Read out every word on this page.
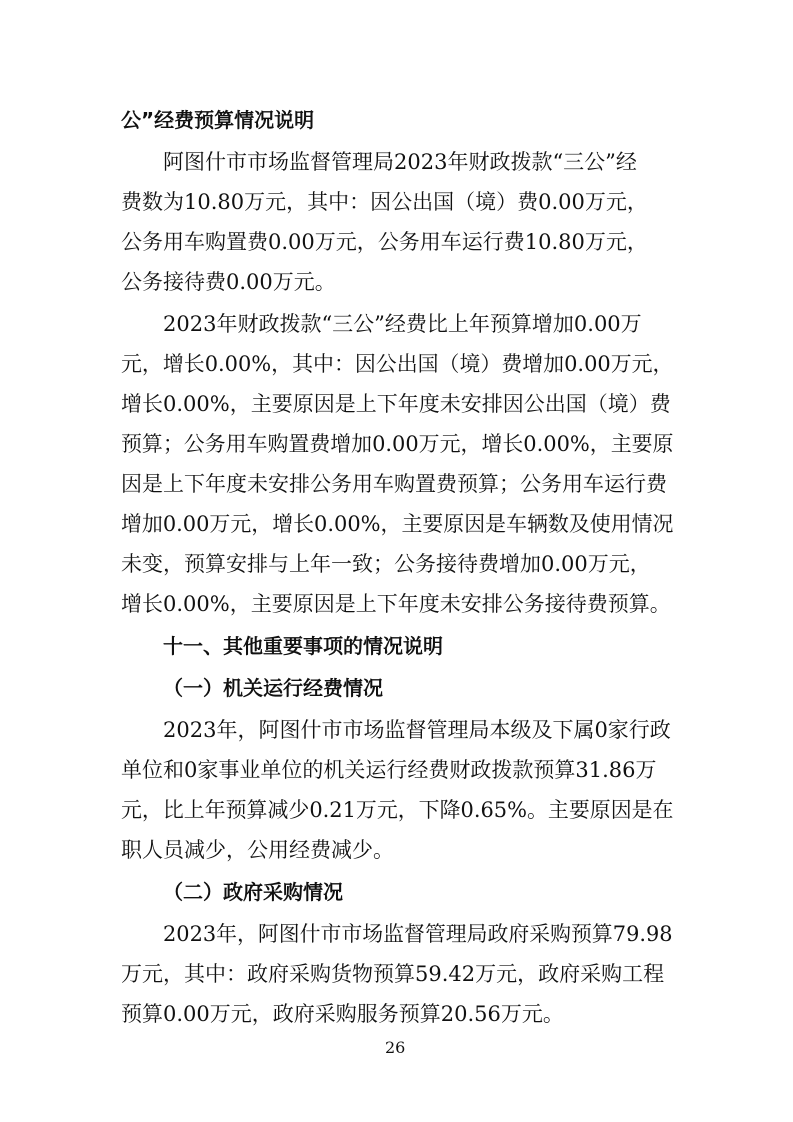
公”经费预算情况说明
阿图什市市场监督管理局2023年财政拨款“三公”经
费数为10.80万元，其中：因公出国（境）费0.00万元，
公务用车购置费0.00万元，公务用车运行费10.80万元，
公务接待费0.00万元。
2023年财政拨款“三公”经费比上年预算增加0.00万
元，增长0.00%，其中：因公出国（境）费增加0.00万元，
增长0.00%，主要原因是上下年度未安排因公出国（境）费
预算；公务用车购置费增加0.00万元，增长0.00%，主要原
因是上下年度未安排公务用车购置费预算；公务用车运行费
增加0.00万元，增长0.00%，主要原因是车辆数及使用情况
未变，预算安排与上年一致；公务接待费增加0.00万元，
增长0.00%，主要原因是上下年度未安排公务接待费预算。
十一、其他重要事项的情况说明
（一）机关运行经费情况
2023年，阿图什市市场监督管理局本级及下属0家行政
单位和0家事业单位的机关运行经费财政拨款预算31.86万
元，比上年预算减少0.21万元，下降0.65%。主要原因是在
职人员减少，公用经费减少。
（二）政府采购情况
2023年，阿图什市市场监督管理局政府采购预算79.98
万元，其中：政府采购货物预算59.42万元，政府采购工程
预算0.00万元，政府采购服务预算20.56万元。
26
